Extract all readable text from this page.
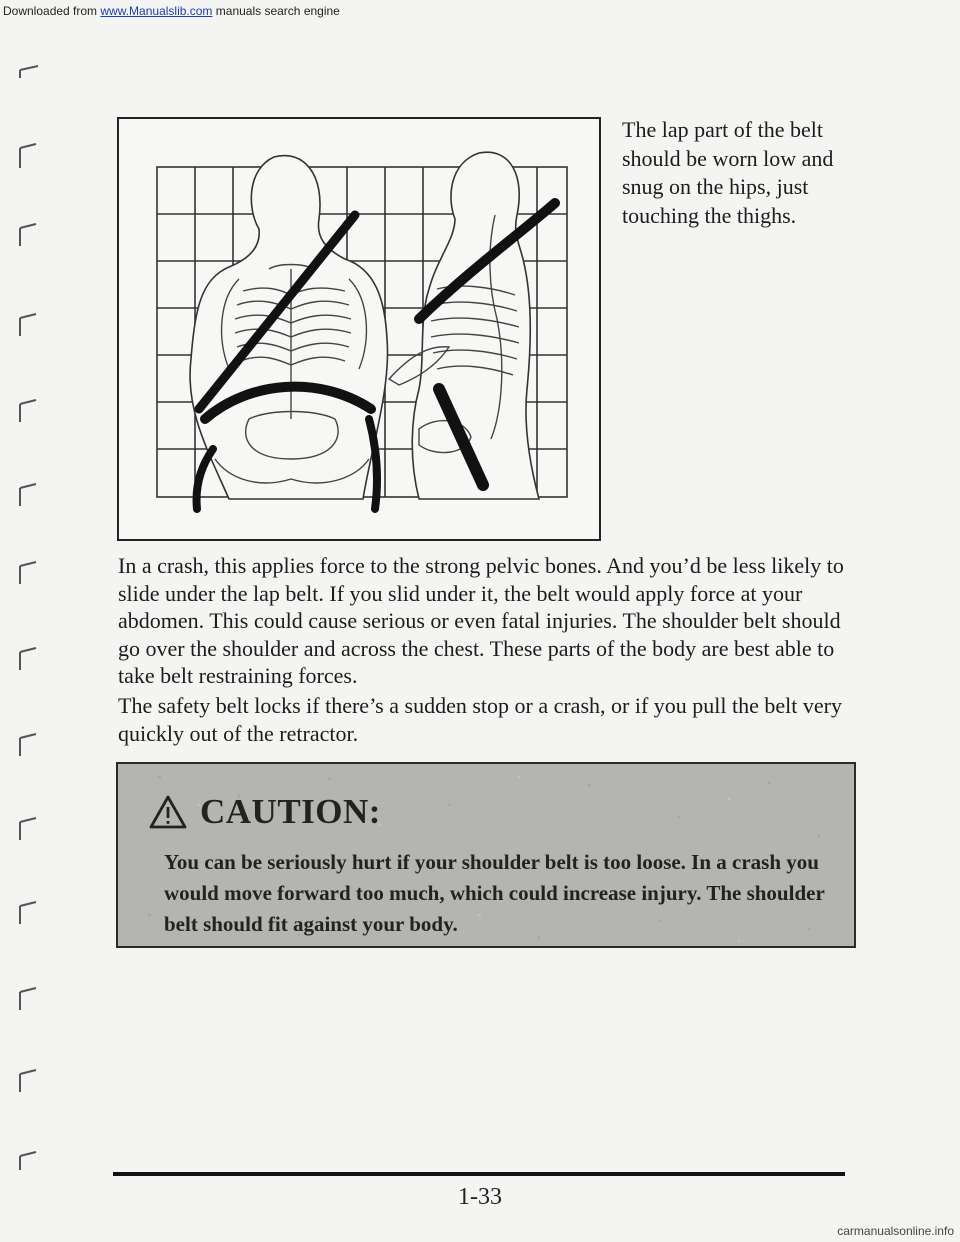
Downloaded from www.Manualslib.com manuals search engine

The lap part of the belt should be worn low and snug on the hips, just touching the thighs.

In a crash, this applies force to the strong pelvic bones. And you’d be less likely to slide under the lap belt. If you slid under it, the belt would apply force at your abdomen. This could cause serious or even fatal injuries. The shoulder belt should go over the shoulder and across the chest. These parts of the body are best able to take belt restraining forces.

The safety belt locks if there’s a sudden stop or a crash, or if you pull the belt very quickly out of the retractor.

CAUTION:

You can be seriously hurt if your shoulder belt is too loose. In a crash you would move forward too much, which could increase injury. The shoulder belt should fit against your body.

1-33

carmanualsonline.info
